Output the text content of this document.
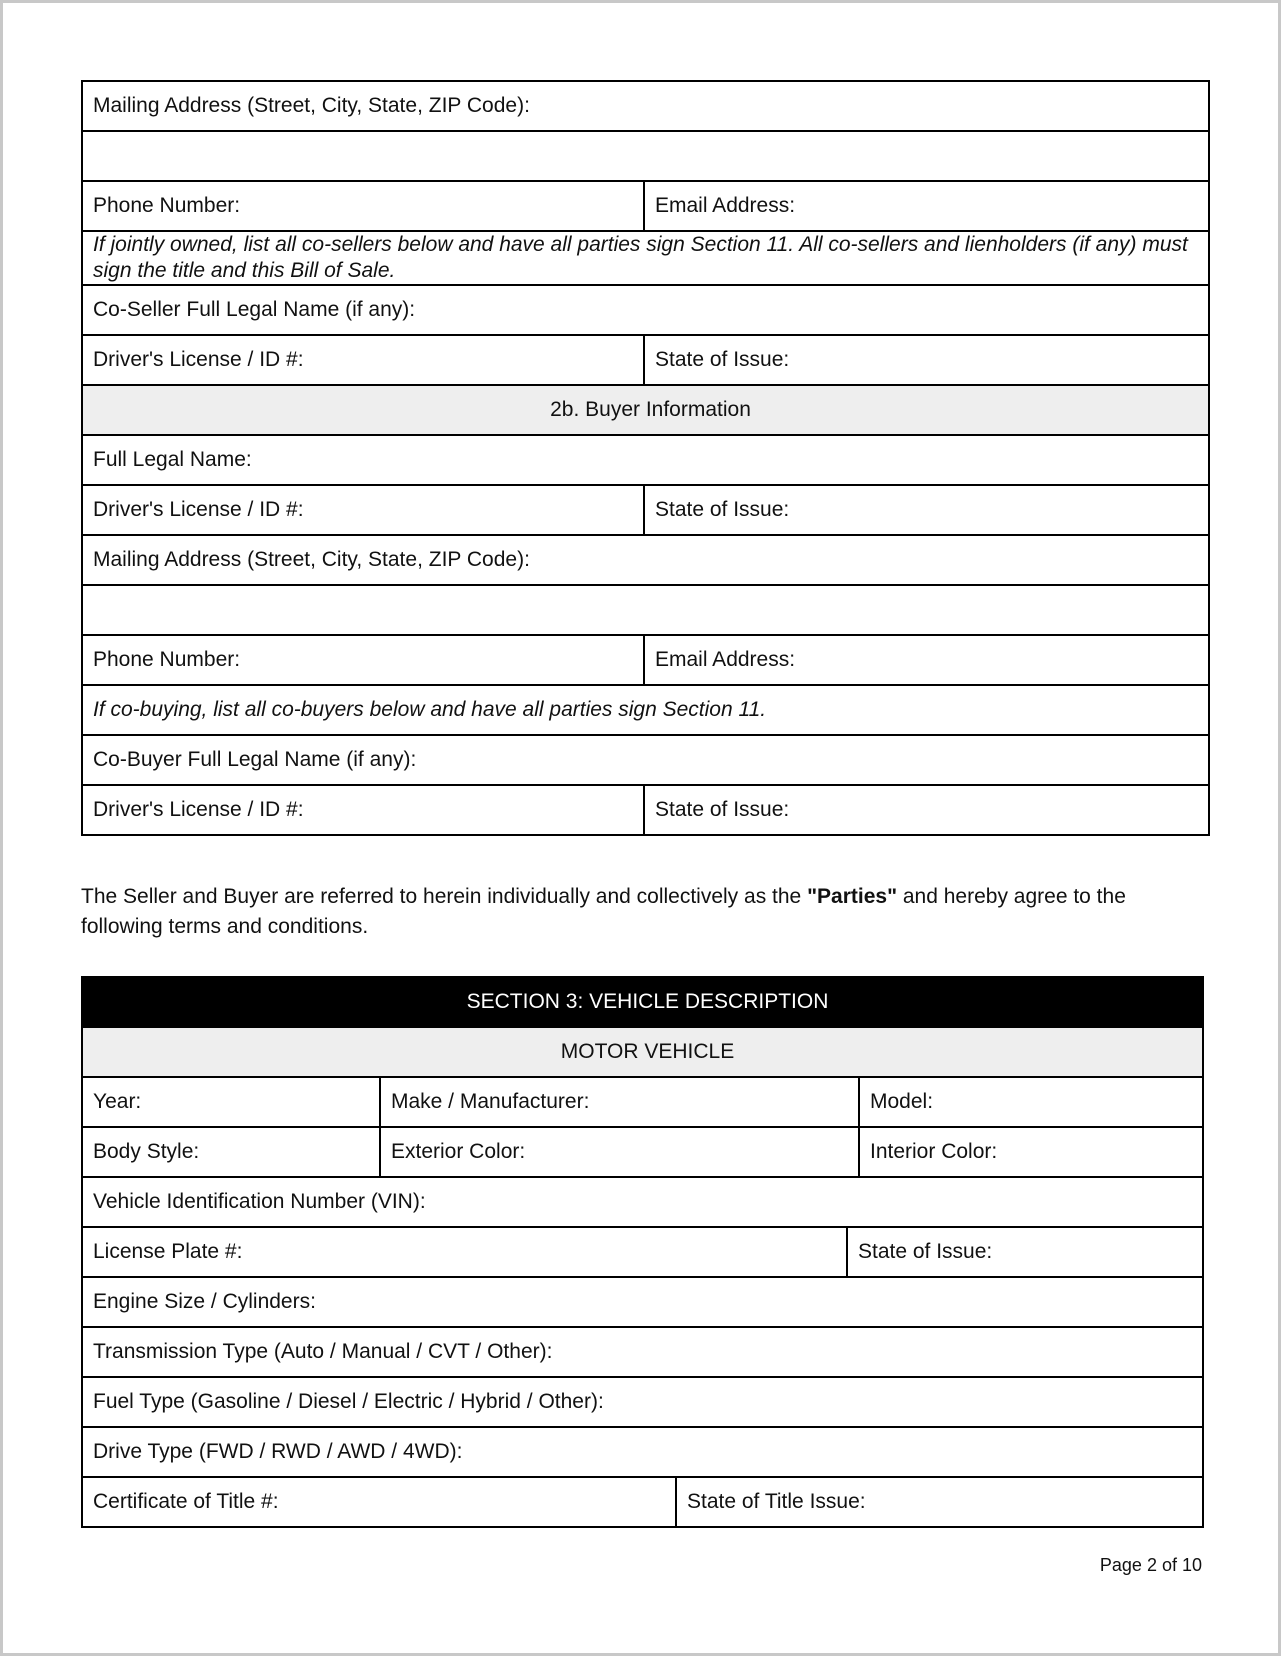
Mailing Address (Street, City, State, ZIP Code):	

Phone Number:	Email Address:
If jointly owned, list all co-sellers below and have all parties sign Section 11. All co-sellers and lienholders (if any) must sign the title and this Bill of Sale.	
Co-Seller Full Legal Name (if any):	
Driver's License / ID #:	State of Issue:
2b. Buyer Information	
Full Legal Name:	
Driver's License / ID #:	State of Issue:
Mailing Address (Street, City, State, ZIP Code):	

Phone Number:	Email Address:
If co-buying, list all co-buyers below and have all parties sign Section 11.	
Co-Buyer Full Legal Name (if any):	
Driver's License / ID #:	State of Issue:

The Seller and Buyer are referred to herein individually and collectively as the "Parties" and hereby agree to the following terms and conditions.

SECTION 3: VEHICLE DESCRIPTION				
MOTOR VEHICLE				
Year:	Make / Manufacturer:			Model:
Body Style:	Exterior Color:			Interior Color:
Vehicle Identification Number (VIN):				
License Plate #:			State of Issue:	
Engine Size / Cylinders:				
Transmission Type (Auto / Manual / CVT / Other):				
Fuel Type (Gasoline / Diesel / Electric / Hybrid / Other):				
Drive Type (FWD / RWD / AWD / 4WD):				
Certificate of Title #:		State of Title Issue:		
Page 2 of 10
